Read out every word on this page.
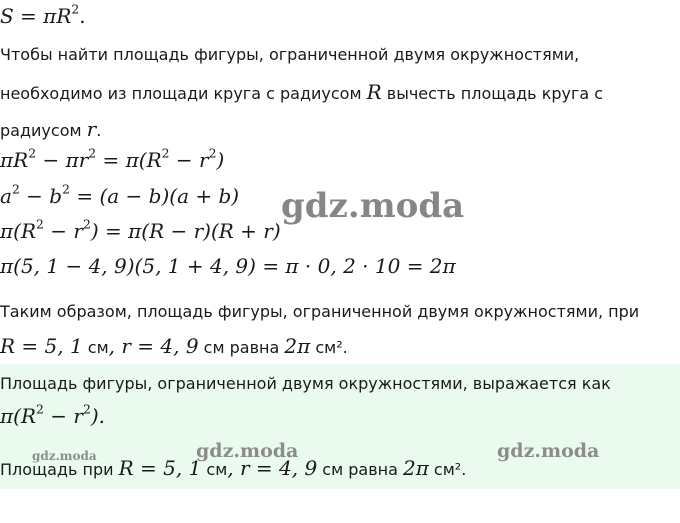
$S = \pi R^2$.
Чтобы найти площадь фигуры, ограниченной двумя окружностями,
необходимо из площади круга с радиусом R вычесть площадь круга с
радиусом r.
$\pi R^2 - \pi r^2 = \pi(R^2 - r^2)$
$a^2 - b^2 = (a - b)(a + b)$
$\pi(R^2 - r^2) = \pi(R - r)(R + r)$
π(5, 1 − 4, 9)(5, 1 + 4, 9) = π · 0, 2 · 10 = 2π
gdz.moda
Таким образом, площадь фигуры, ограниченной двумя окружностями, при
R = 5, 1 см, r = 4, 9 см равна 2π см².
Площадь фигуры, ограниченной двумя окружностями, выражается как
$\pi(R^2 - r^2)$.
gdz.moda	gdz.moda	gdz.moda
Площадь при R = 5, 1 см, r = 4, 9 см равна 2π см².
